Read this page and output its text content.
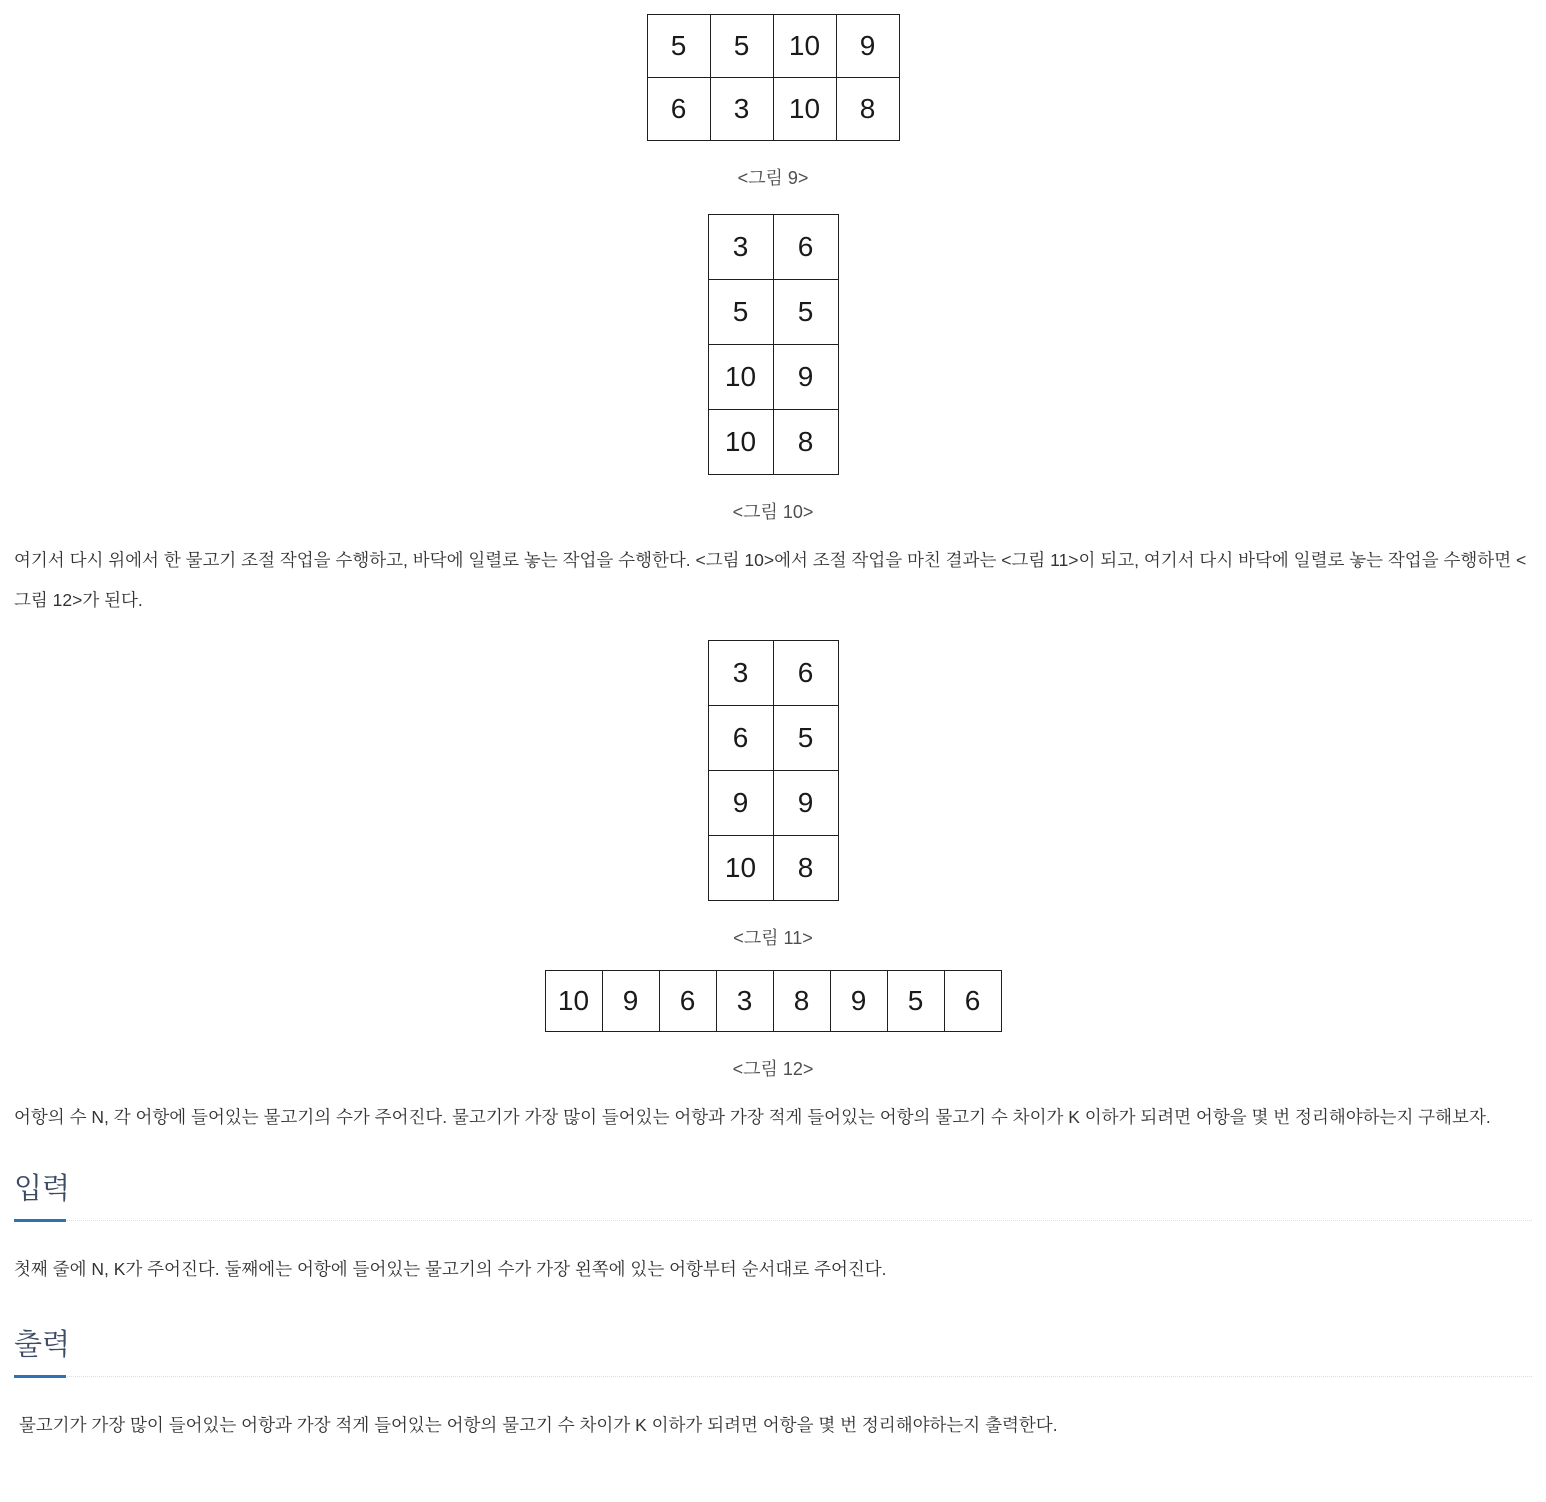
5	5	10	9
6	3	10	8
<그림 9>
3	6
5	5
10	9
10	8
<그림 10>

여기서 다시 위에서 한 물고기 조절 작업을 수행하고, 바닥에 일렬로 놓는 작업을 수행한다. <그림 10>에서 조절 작업을 마친 결과는 <그림 11>이 되고, 여기서 다시 바닥에 일렬로 놓는 작업을 수행하면 <그림 12>가 된다.

3	6
6	5
9	9
10	8
<그림 11>
10	9	6	3	8	9	5	6
<그림 12>

어항의 수 N, 각 어항에 들어있는 물고기의 수가 주어진다. 물고기가 가장 많이 들어있는 어항과 가장 적게 들어있는 어항의 물고기 수 차이가 K 이하가 되려면 어항을 몇 번 정리해야하는지 구해보자.

입력

첫째 줄에 N, K가 주어진다. 둘째에는 어항에 들어있는 물고기의 수가 가장 왼쪽에 있는 어항부터 순서대로 주어진다.

출력

물고기가 가장 많이 들어있는 어항과 가장 적게 들어있는 어항의 물고기 수 차이가 K 이하가 되려면 어항을 몇 번 정리해야하는지 출력한다.
